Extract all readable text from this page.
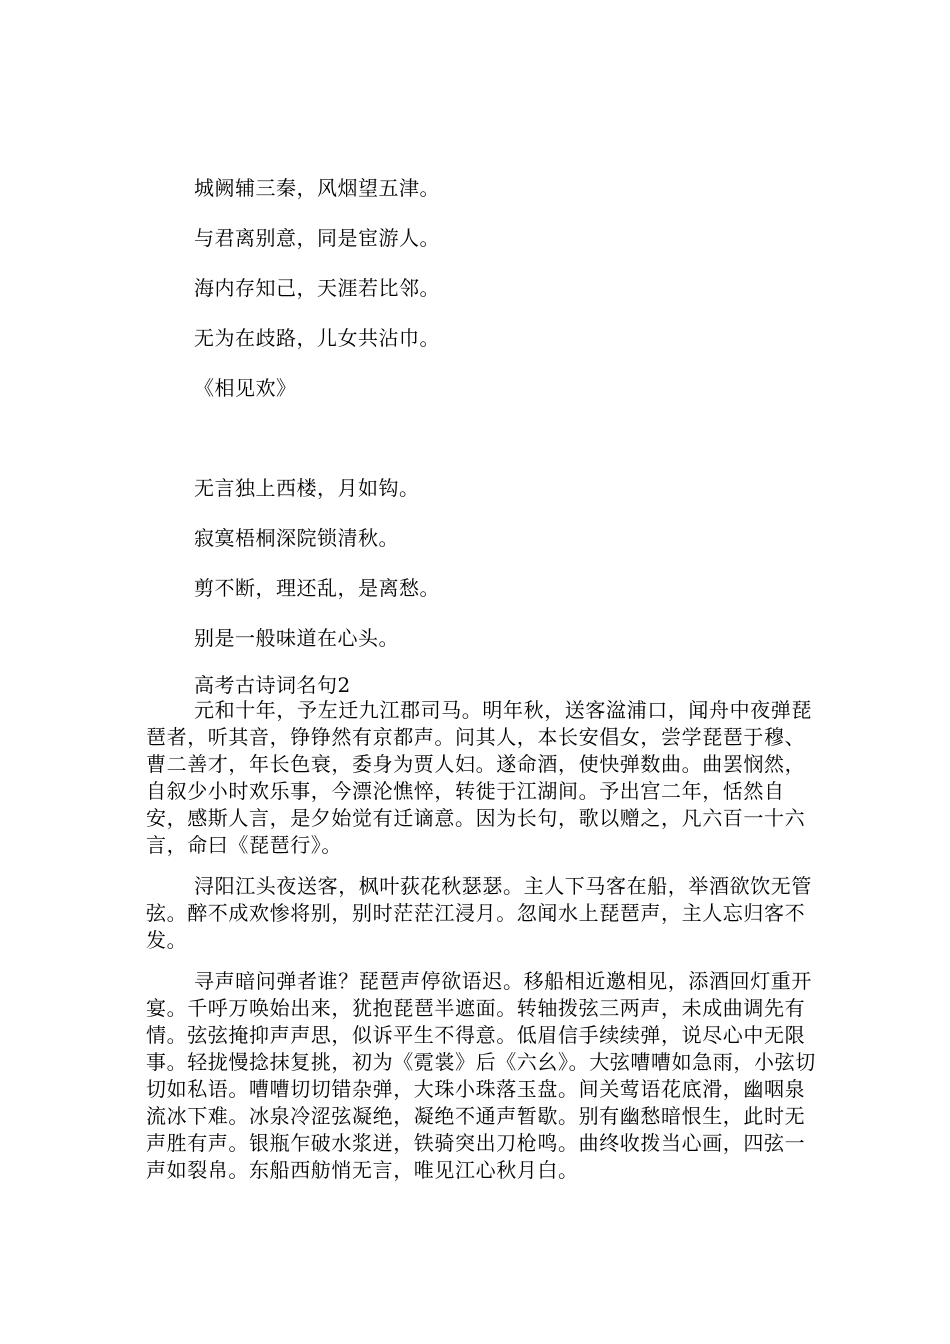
城阙辅三秦，风烟望五津。
与君离别意，同是宦游人。
海内存知己，天涯若比邻。
无为在歧路，儿女共沾巾。
《相见欢》
无言独上西楼，月如钩。
寂寞梧桐深院锁清秋。
剪不断，理还乱，是离愁。
别是一般味道在心头。
高考古诗词名句2

元和十年，予左迁九江郡司马。明年秋，送客湓浦口，闻舟中夜弹琵琶者，听其音，铮铮然有京都声。问其人，本长安倡女，尝学琵琶于穆、曹二善才，年长色衰，委身为贾人妇。遂命酒，使快弹数曲。曲罢悯然，自叙少小时欢乐事，今漂沦憔悴，转徙于江湖间。予出宫二年，恬然自安，感斯人言，是夕始觉有迁谪意。因为长句，歌以赠之，凡六百一十六言，命曰《琵琶行》。

浔阳江头夜送客，枫叶荻花秋瑟瑟。主人下马客在船，举酒欲饮无管弦。醉不成欢惨将别，别时茫茫江浸月。忽闻水上琵琶声，主人忘归客不发。

寻声暗问弹者谁？琵琶声停欲语迟。移船相近邀相见，添酒回灯重开宴。千呼万唤始出来，犹抱琵琶半遮面。转轴拨弦三两声，未成曲调先有情。弦弦掩抑声声思，似诉平生不得意。低眉信手续续弹，说尽心中无限事。轻拢慢捻抹复挑，初为《霓裳》后《六幺》。大弦嘈嘈如急雨，小弦切切如私语。嘈嘈切切错杂弹，大珠小珠落玉盘。间关莺语花底滑，幽咽泉流冰下难。冰泉冷涩弦凝绝，凝绝不通声暂歇。别有幽愁暗恨生，此时无声胜有声。银瓶乍破水浆迸，铁骑突出刀枪鸣。曲终收拨当心画，四弦一声如裂帛。东船西舫悄无言，唯见江心秋月白。
